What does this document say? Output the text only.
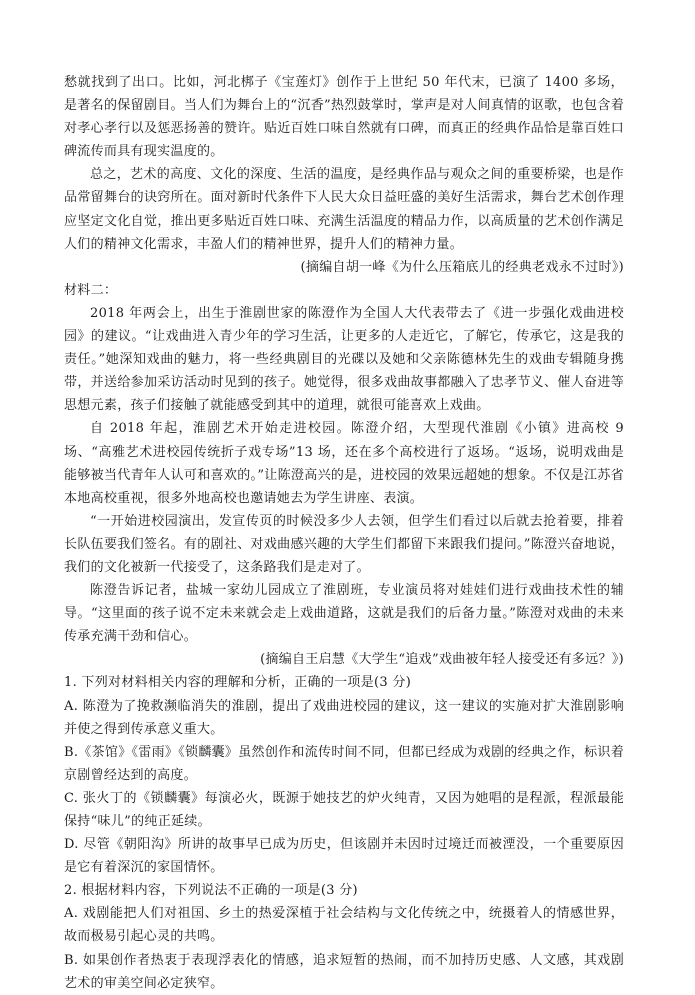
愁就找到了出口。比如，河北梆子《宝莲灯》创作于上世纪 50 年代末，已演了 1400 多场，是著名的保留剧目。当人们为舞台上的“沉香”热烈鼓掌时，掌声是对人间真情的讴歌，也包含着对孝心孝行以及惩恶扬善的赞许。贴近百姓口味自然就有口碑，而真正的经典作品恰是靠百姓口碑流传而具有现实温度的。

总之，艺术的高度、文化的深度、生活的温度，是经典作品与观众之间的重要桥梁，也是作品常留舞台的诀窍所在。面对新时代条件下人民大众日益旺盛的美好生活需求，舞台艺术创作理应坚定文化自觉，推出更多贴近百姓口味、充满生活温度的精品力作，以高质量的艺术创作满足人们的精神文化需求，丰盈人们的精神世界，提升人们的精神力量。

(摘编自胡一峰《为什么压箱底儿的经典老戏永不过时》)

材料二：

2018 年两会上，出生于淮剧世家的陈澄作为全国人大代表带去了《进一步强化戏曲进校园》的建议。“让戏曲进入青少年的学习生活，让更多的人走近它，了解它，传承它，这是我的责任。”她深知戏曲的魅力，将一些经典剧目的光碟以及她和父亲陈德林先生的戏曲专辑随身携带，并送给参加采访活动时见到的孩子。她觉得，很多戏曲故事都融入了忠孝节义、催人奋进等思想元素，孩子们接触了就能感受到其中的道理，就很可能喜欢上戏曲。

自 2018 年起，淮剧艺术开始走进校园。陈澄介绍，大型现代淮剧《小镇》进高校 9 场、“高雅艺术进校园传统折子戏专场”13 场，还在多个高校进行了返场。“返场，说明戏曲是能够被当代青年人认可和喜欢的。”让陈澄高兴的是，进校园的效果远超她的想象。不仅是江苏省本地高校重视，很多外地高校也邀请她去为学生讲座、表演。

“一开始进校园演出，发宣传页的时候没多少人去领，但学生们看过以后就去抢着要，排着长队伍要我们签名。有的剧社、对戏曲感兴趣的大学生们都留下来跟我们提问。”陈澄兴奋地说，我们的文化被新一代接受了，这条路我们是走对了。

陈澄告诉记者，盐城一家幼儿园成立了淮剧班，专业演员将对娃娃们进行戏曲技术性的辅导。“这里面的孩子说不定未来就会走上戏曲道路，这就是我们的后备力量。”陈澄对戏曲的未来传承充满干劲和信心。

(摘编自王启慧《大学生“追戏”戏曲被年轻人接受还有多远？》)

1. 下列对材料相关内容的理解和分析，正确的一项是(3 分)

A. 陈澄为了挽救濒临消失的淮剧，提出了戏曲进校园的建议，这一建议的实施对扩大淮剧影响并使之得到传承意义重大。

B.《茶馆》《雷雨》《锁麟囊》虽然创作和流传时间不同，但都已经成为戏剧的经典之作，标识着京剧曾经达到的高度。

C. 张火丁的《锁麟囊》每演必火，既源于她技艺的炉火纯青，又因为她唱的是程派，程派最能保持“味儿”的纯正延续。

D. 尽管《朝阳沟》所讲的故事早已成为历史，但该剧并未因时过境迁而被湮没，一个重要原因是它有着深沉的家国情怀。

2. 根据材料内容，下列说法不正确的一项是(3 分)

A. 戏剧能把人们对祖国、乡土的热爱深植于社会结构与文化传统之中，统摄着人的情感世界，故而极易引起心灵的共鸣。

B. 如果创作者热衷于表现浮表化的情感，追求短暂的热闹，而不加持历史感、人文感，其戏剧艺术的审美空间必定狭窄。
